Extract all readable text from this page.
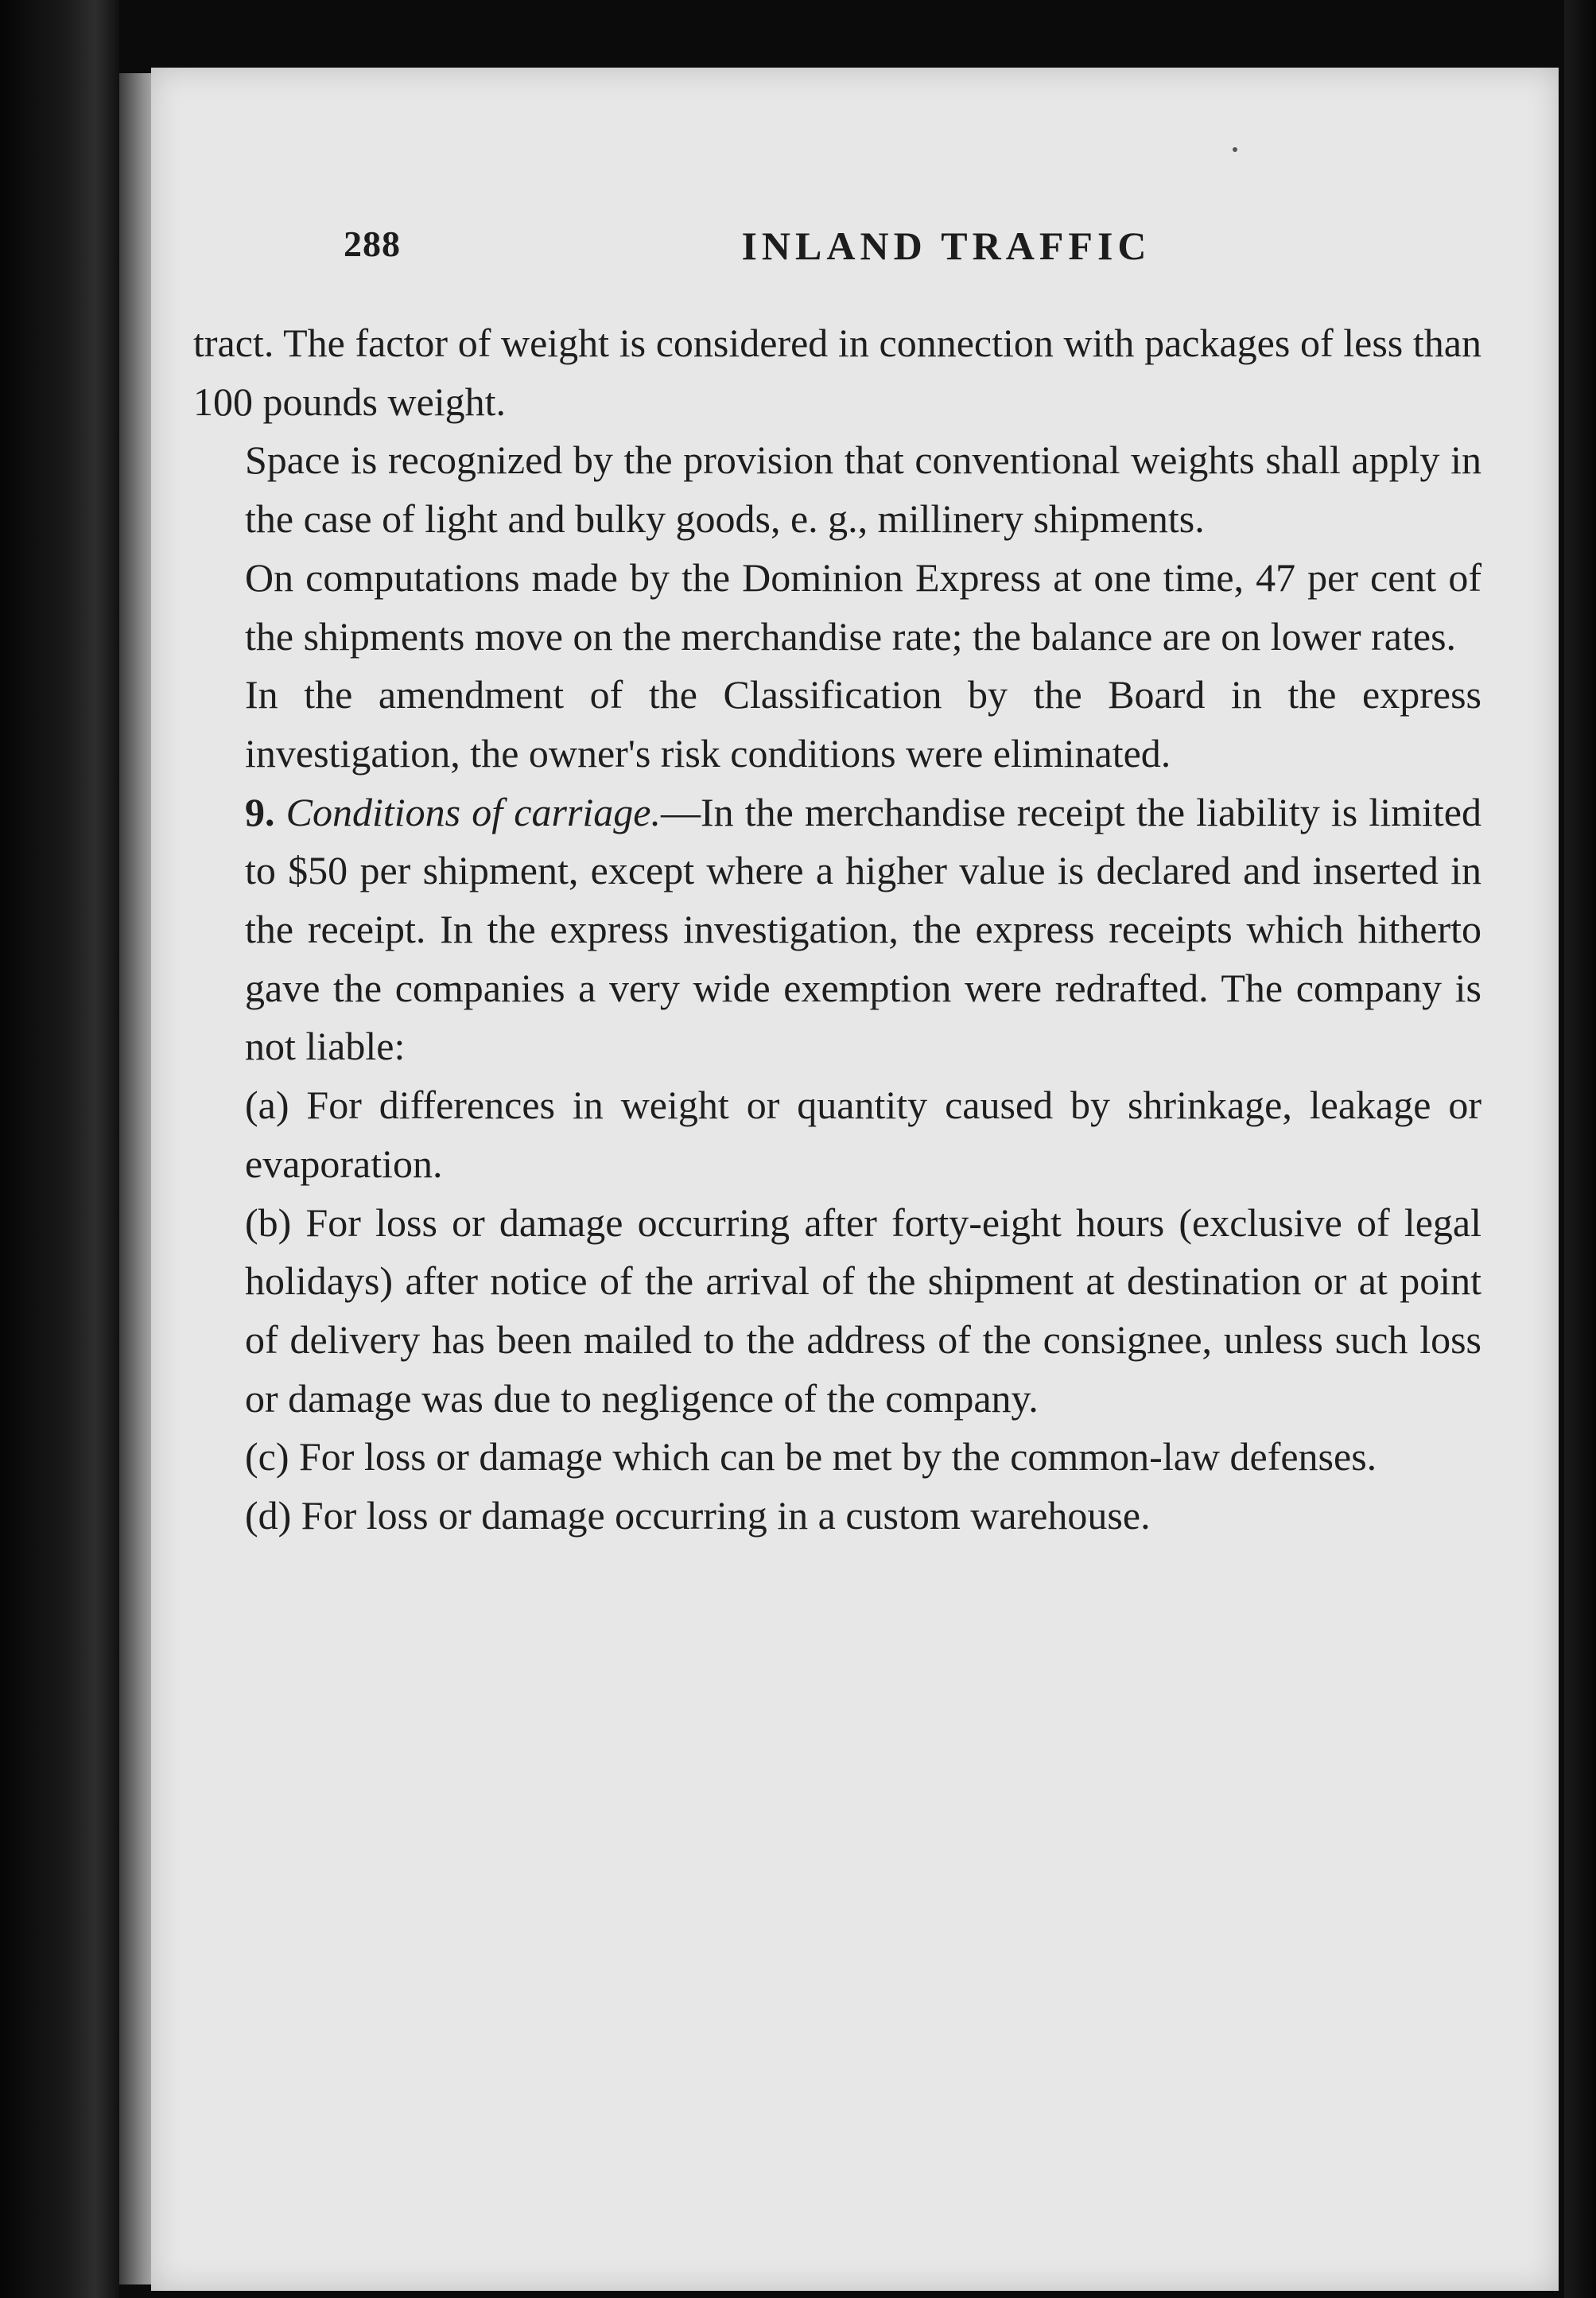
288	INLAND TRAFFIC

tract. The factor of weight is considered in connection with packages of less than 100 pounds weight.

Space is recognized by the provision that conventional weights shall apply in the case of light and bulky goods, e. g., millinery shipments.

On computations made by the Dominion Express at one time, 47 per cent of the shipments move on the merchandise rate; the balance are on lower rates.

In the amendment of the Classification by the Board in the express investigation, the owner's risk conditions were eliminated.

9. Conditions of carriage.—In the merchandise receipt the liability is limited to $50 per shipment, except where a higher value is declared and inserted in the receipt. In the express investigation, the express receipts which hitherto gave the companies a very wide exemption were redrafted. The company is not liable:

(a) For differences in weight or quantity caused by shrinkage, leakage or evaporation.

(b) For loss or damage occurring after forty-eight hours (exclusive of legal holidays) after notice of the arrival of the shipment at destination or at point of delivery has been mailed to the address of the consignee, unless such loss or damage was due to negligence of the company.

(c) For loss or damage which can be met by the common-law defenses.

(d) For loss or damage occurring in a custom warehouse.
